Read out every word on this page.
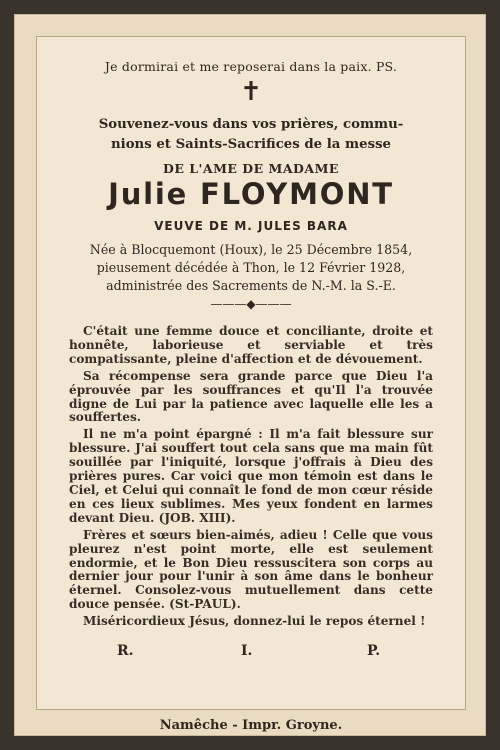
Je dormirai et me reposerai dans la paix. PS.
✝
Souvenez-vous dans vos prières, commu-
nions et Saints-Sacrifices de la messe
DE L'AME DE MADAME
Julie FLOYMONT
VEUVE DE M. JULES BARA
Née à Blocquemont (Houx), le 25 Décembre 1854,
pieusement décédée à Thon, le 12 Février 1928,
administrée des Sacrements de N.-M. la S.-E.
———◆———

C'était une femme douce et conciliante, droite et honnête, laborieuse et serviable et très compatissante, pleine d'affection et de dévouement.

Sa récompense sera grande parce que Dieu l'a éprouvée par les souffrances et qu'Il l'a trouvée digne de Lui par la patience avec laquelle elle les a souffertes.

Il ne m'a point épargné : Il m'a fait blessure sur blessure. J'ai souffert tout cela sans que ma main fût souillée par l'iniquité, lorsque j'offrais à Dieu des prières pures. Car voici que mon témoin est dans le Ciel, et Celui qui connaît le fond de mon cœur réside en ces lieux sublimes. Mes yeux fondent en larmes devant Dieu. (JOB. XIII).

Frères et sœurs bien-aimés, adieu ! Celle que vous pleurez n'est point morte, elle est seulement endormie, et le Bon Dieu ressuscitera son corps au dernier jour pour l'unir à son âme dans le bonheur éternel. Consolez-vous mutuellement dans cette douce pensée. (St-PAUL).

Miséricordieux Jésus, donnez-lui le repos éternel !

R.	I.	P.
Namêche - Impr. Groyne.
